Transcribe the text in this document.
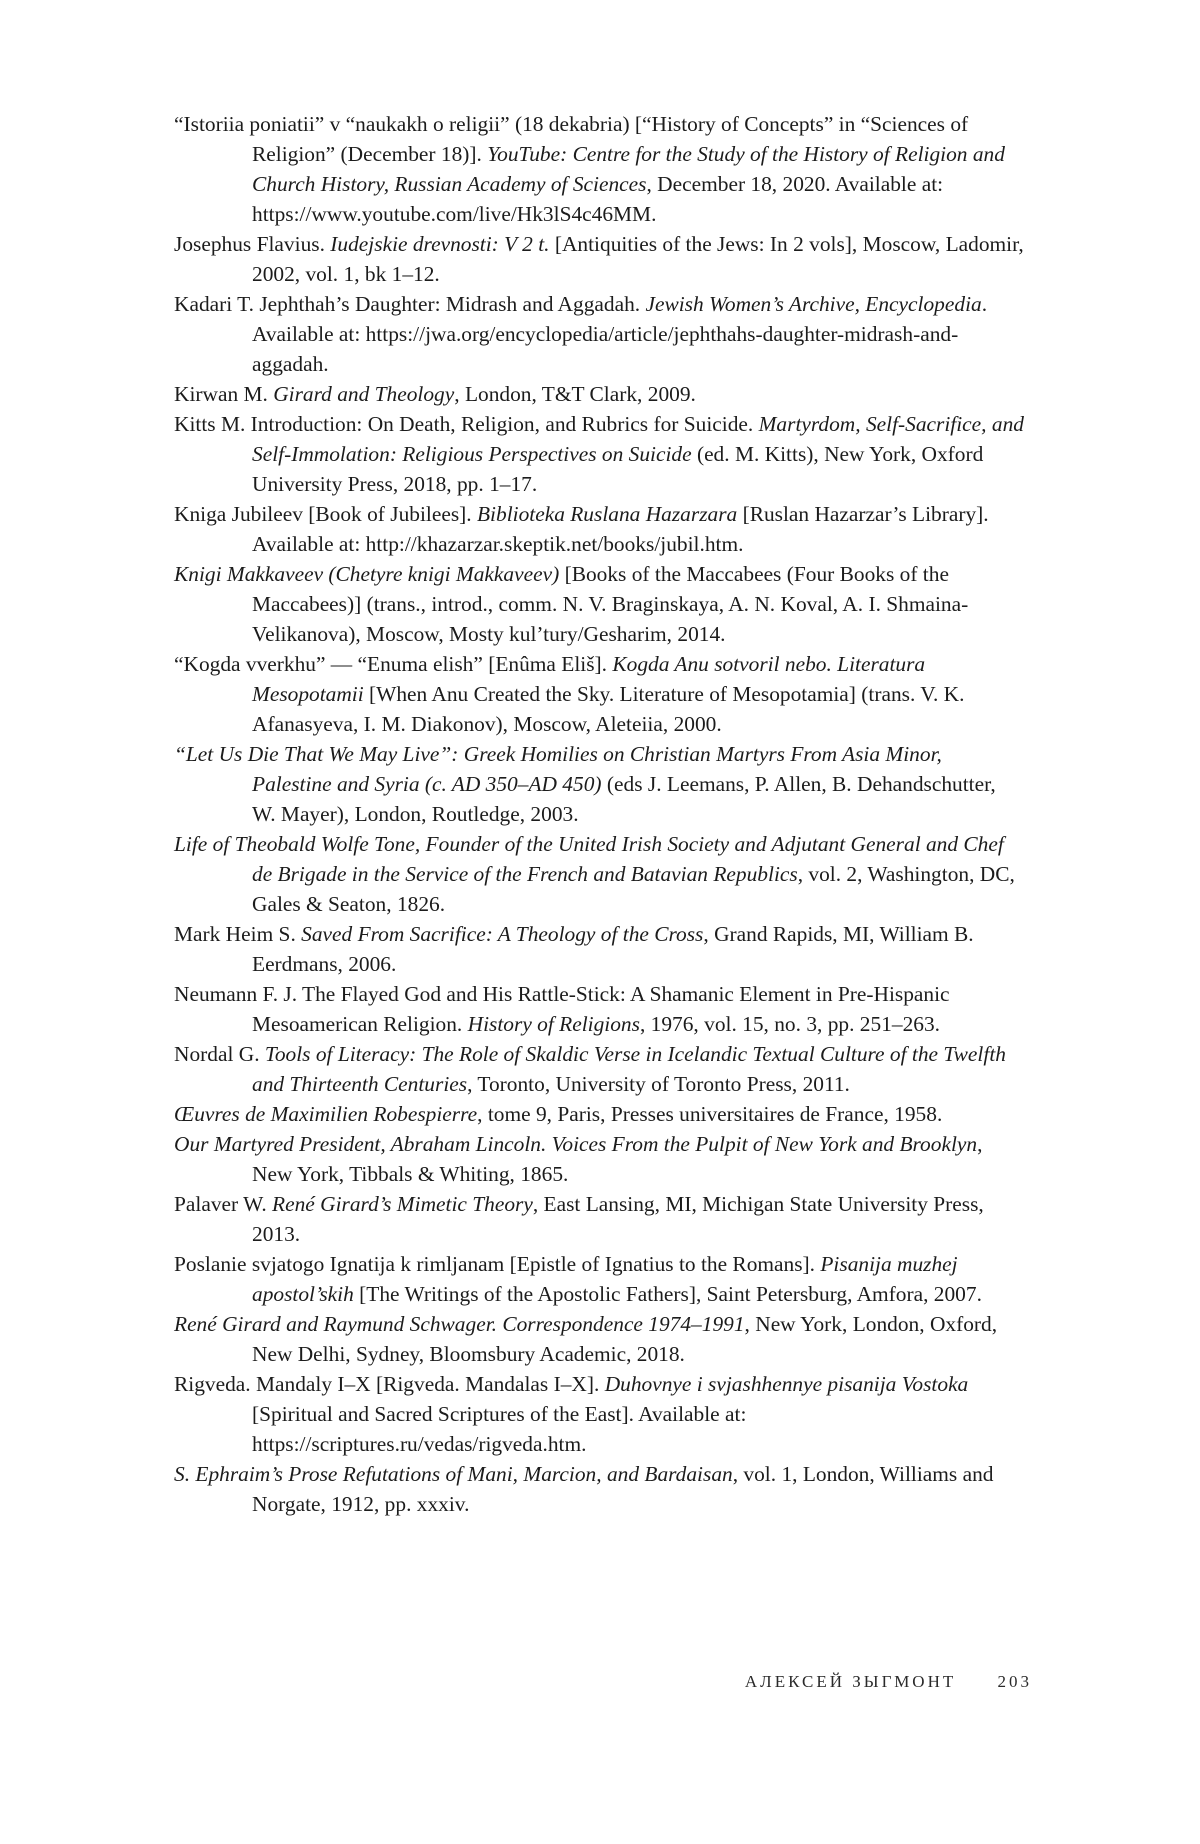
“Istoriia poniatii” v “naukakh o religii” (18 dekabria) [“History of Concepts” in “Sciences of Religion” (December 18)]. YouTube: Centre for the Study of the History of Religion and Church History, Russian Academy of Sciences, December 18, 2020. Available at: https://www.youtube.com/live/Hk3lS4c46MM.

Josephus Flavius. Iudejskie drevnosti: V 2 t. [Antiquities of the Jews: In 2 vols], Moscow, Ladomir, 2002, vol. 1, bk 1–12.

Kadari T. Jephthah’s Daughter: Midrash and Aggadah. Jewish Women’s Archive, Encyclopedia. Available at: https://jwa.org/encyclopedia/article/jephthahs-daughter-midrash-and-aggadah.

Kirwan M. Girard and Theology, London, T&T Clark, 2009.

Kitts M. Introduction: On Death, Religion, and Rubrics for Suicide. Martyrdom, Self-Sacrifice, and Self-Immolation: Religious Perspectives on Suicide (ed. M. Kitts), New York, Oxford University Press, 2018, pp. 1–17.

Kniga Jubileev [Book of Jubilees]. Biblioteka Ruslana Hazarzara [Ruslan Hazarzar’s Library]. Available at: http://khazarzar.skeptik.net/books/jubil.htm.

Knigi Makkaveev (Chetyre knigi Makkaveev) [Books of the Maccabees (Four Books of the Maccabees)] (trans., introd., comm. N. V. Braginskaya, A. N. Koval, A. I. Shmaina-Velikanova), Moscow, Mosty kul’tury/Gesharim, 2014.

“Kogda vverkhu” — “Enuma elish” [Enûma Eliš]. Kogda Anu sotvoril nebo. Literatura Mesopotamii [When Anu Created the Sky. Literature of Mesopotamia] (trans. V. K. Afanasyeva, I. M. Diakonov), Moscow, Aleteiia, 2000.

“Let Us Die That We May Live”: Greek Homilies on Christian Martyrs From Asia Minor, Palestine and Syria (c. AD 350–AD 450) (eds J. Leemans, P. Allen, B. Dehandschutter, W. Mayer), London, Routledge, 2003.

Life of Theobald Wolfe Tone, Founder of the United Irish Society and Adjutant General and Chef de Brigade in the Service of the French and Batavian Republics, vol. 2, Washington, DC, Gales & Seaton, 1826.

Mark Heim S. Saved From Sacrifice: A Theology of the Cross, Grand Rapids, MI, William B. Eerdmans, 2006.

Neumann F. J. The Flayed God and His Rattle-Stick: A Shamanic Element in Pre-Hispanic Mesoamerican Religion. History of Religions, 1976, vol. 15, no. 3, pp. 251–263.

Nordal G. Tools of Literacy: The Role of Skaldic Verse in Icelandic Textual Culture of the Twelfth and Thirteenth Centuries, Toronto, University of Toronto Press, 2011.

Œuvres de Maximilien Robespierre, tome 9, Paris, Presses universitaires de France, 1958.

Our Martyred President, Abraham Lincoln. Voices From the Pulpit of New York and Brooklyn, New York, Tibbals & Whiting, 1865.

Palaver W. René Girard’s Mimetic Theory, East Lansing, MI, Michigan State University Press, 2013.

Poslanie svjatogo Ignatija k rimljanam [Epistle of Ignatius to the Romans]. Pisanija muzhej apostol’skih [The Writings of the Apostolic Fathers], Saint Petersburg, Amfora, 2007.

René Girard and Raymund Schwager. Correspondence 1974–1991, New York, London, Oxford, New Delhi, Sydney, Bloomsbury Academic, 2018.

Rigveda. Mandaly I–X [Rigveda. Mandalas I–X]. Duhovnye i svjashhennye pisanija Vostoka [Spiritual and Sacred Scriptures of the East]. Available at: https://scriptures.ru/vedas/rigveda.htm.

S. Ephraim’s Prose Refutations of Mani, Marcion, and Bardaisan, vol. 1, London, Williams and Norgate, 1912, pp. xxxiv.

АЛЕКСЕЙ ЗЫГМОНТ 203
